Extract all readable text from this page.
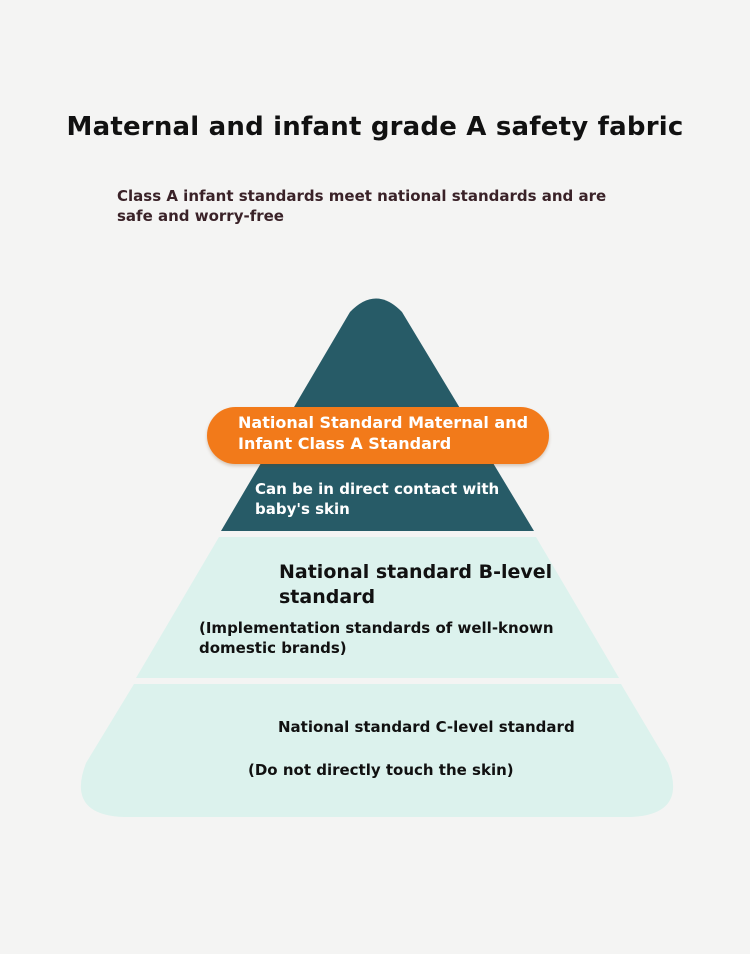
Maternal and infant grade A safety fabric
Class A infant standards meet national standards and are safe and worry-free
National Standard Maternal and Infant Class A Standard
Can be in direct contact with baby's skin
National standard B-level standard
(Implementation standards of well-known domestic brands)
National standard C-level standard
(Do not directly touch the skin)
